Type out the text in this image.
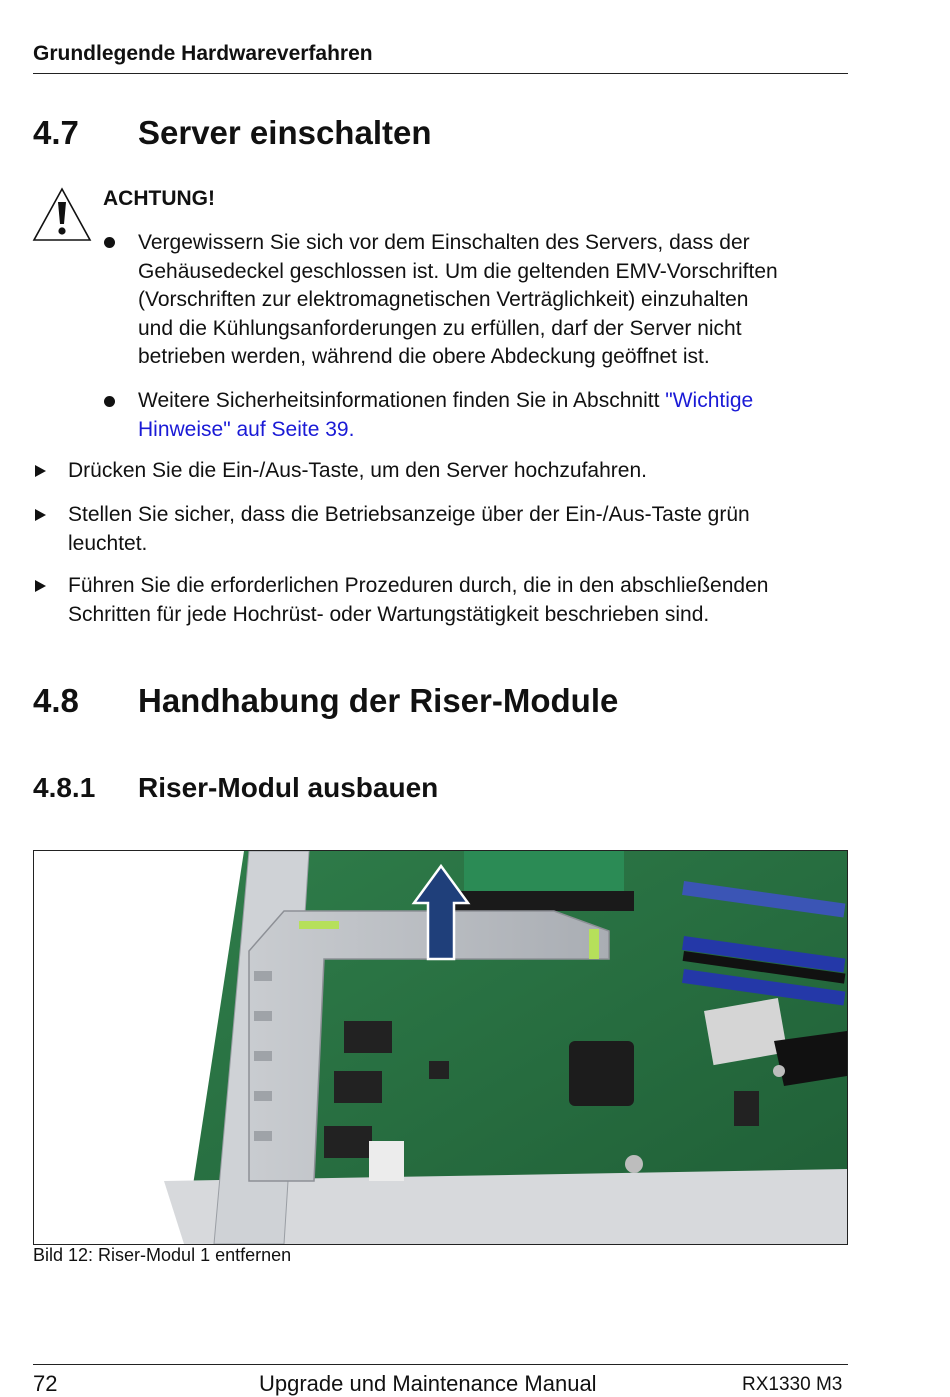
Grundlegende Hardwareverfahren
4.7 Server einschalten
ACHTUNG!
Vergewissern Sie sich vor dem Einschalten des Servers, dass der
Gehäusedeckel geschlossen ist. Um die geltenden EMV-Vorschriften
(Vorschriften zur elektromagnetischen Verträglichkeit) einzuhalten
und die Kühlungsanforderungen zu erfüllen, darf der Server nicht
betrieben werden, während die obere Abdeckung geöffnet ist.
Weitere Sicherheitsinformationen finden Sie in Abschnitt "Wichtige
Hinweise" auf Seite 39.
Drücken Sie die Ein-/Aus-Taste, um den Server hochzufahren.
Stellen Sie sicher, dass die Betriebsanzeige über der Ein-/Aus-Taste grün
leuchtet.
Führen Sie die erforderlichen Prozeduren durch, die in den abschließenden
Schritten für jede Hochrüst- oder Wartungstätigkeit beschrieben sind.
4.8 Handhabung der Riser-Module
4.8.1 Riser-Modul ausbauen
Bild 12: Riser-Modul 1 entfernen
72	Upgrade und Maintenance Manual	RX1330 M3
